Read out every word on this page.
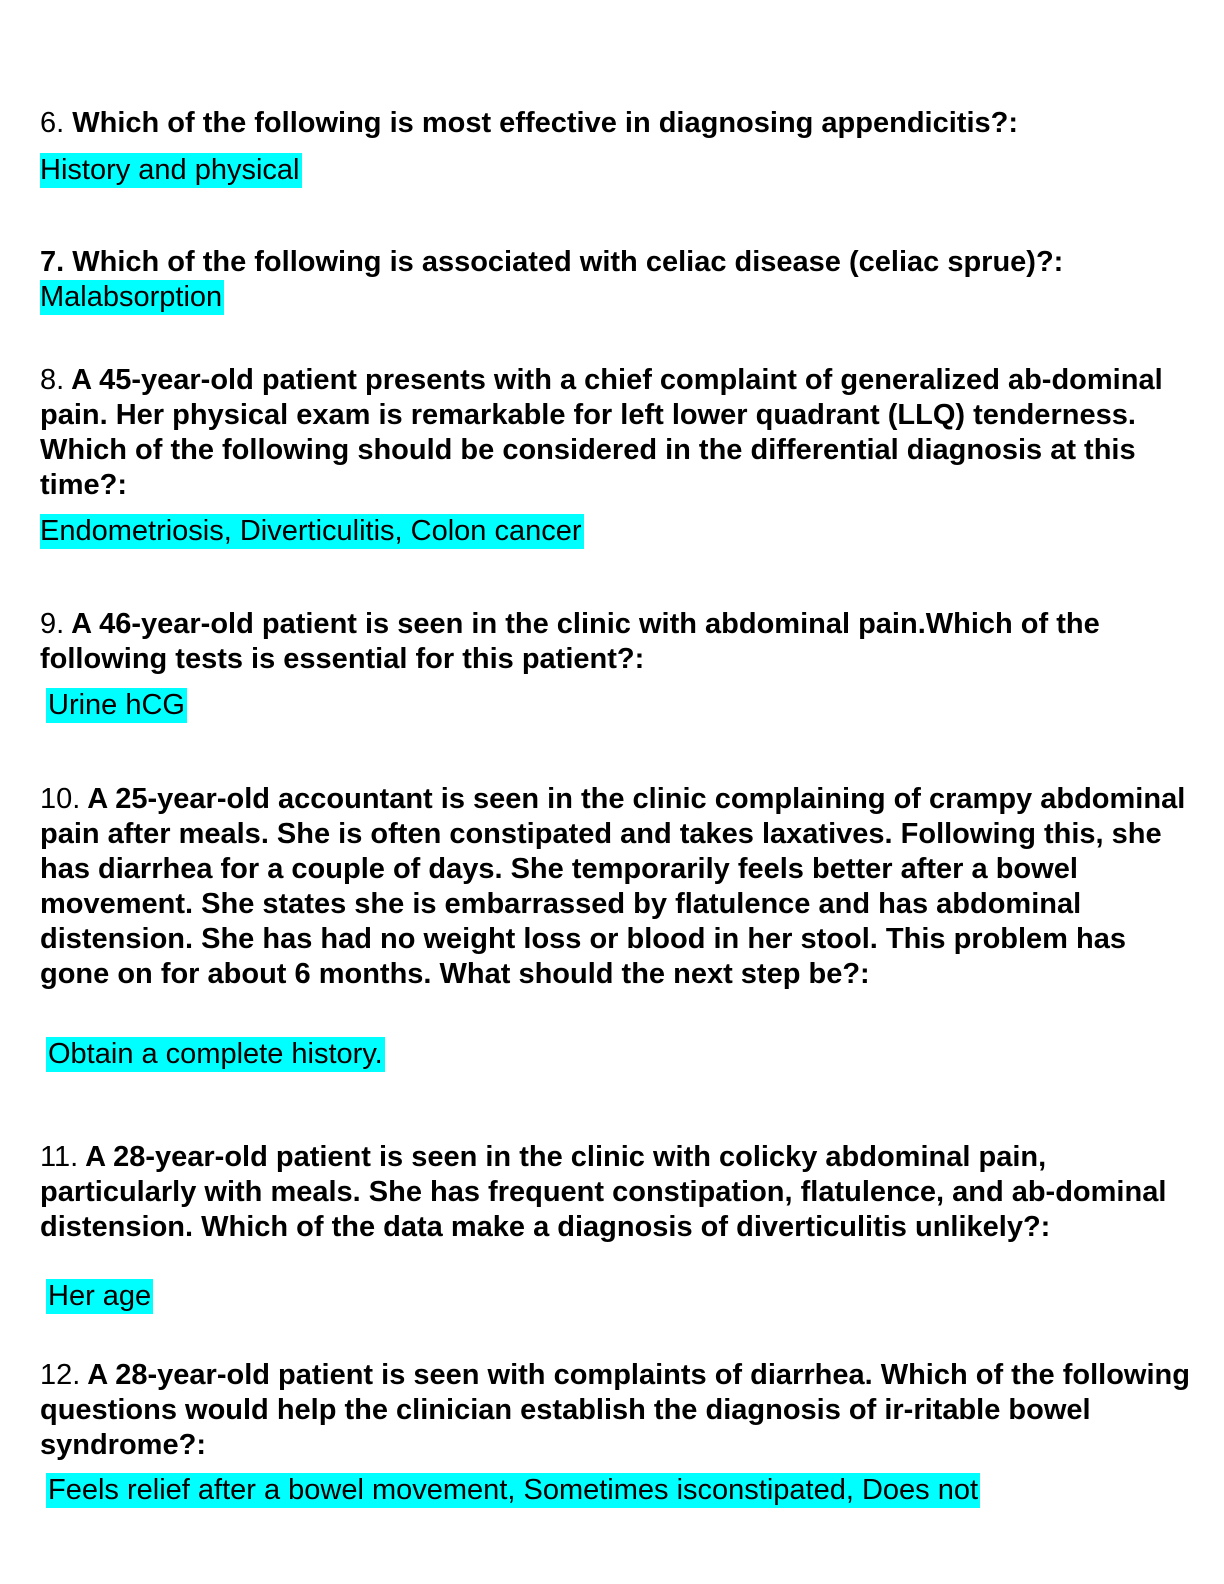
6. Which of the following is most effective in diagnosing appendicitis?:

History and physical

7. Which of the following is associated with celiac disease (celiac sprue)?:

Malabsorption

8. A 45-year-old patient presents with a chief complaint of generalized ab-dominal pain. Her physical exam is remarkable for left lower quadrant (LLQ) tenderness. Which of the following should be considered in the differential diagnosis at this time?:

Endometriosis, Diverticulitis, Colon cancer

9. A 46-year-old patient is seen in the clinic with abdominal pain.Which of the following tests is essential for this patient?:

Urine hCG

10. A 25-year-old accountant is seen in the clinic complaining of crampy abdominal pain after meals. She is often constipated and takes laxatives. Following this, she has diarrhea for a couple of days. She temporarily feels better after a bowel movement. She states she is embarrassed by flatulence and has abdominal distension. She has had no weight loss or blood in her stool. This problem has gone on for about 6 months. What should the next step be?:

Obtain a complete history.

11. A 28-year-old patient is seen in the clinic with colicky abdominal pain, particularly with meals. She has frequent constipation, flatulence, and ab-dominal distension. Which of the data make a diagnosis of diverticulitis unlikely?:

Her age

12. A 28-year-old patient is seen with complaints of diarrhea. Which of the following questions would help the clinician establish the diagnosis of ir-ritable bowel syndrome?:

Feels relief after a bowel movement, Sometimes isconstipated, Does not
